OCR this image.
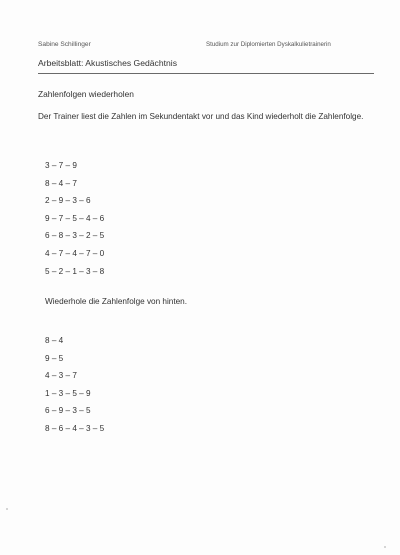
Sabine Schillinger	Studium zur Diplomierten Dyskalkulietrainerin
Arbeitsblatt: Akustisches Gedächtnis
Zahlenfolgen wiederholen
Der Trainer liest die Zahlen im Sekundentakt vor und das Kind wiederholt die Zahlenfolge.
3 – 7 – 9
8 – 4 – 7
2 – 9 – 3 – 6
9 – 7 – 5 – 4 – 6
6 – 8 – 3 – 2 – 5
4 – 7 – 4 – 7 – 0
5 – 2 – 1 – 3 – 8
Wiederhole die Zahlenfolge von hinten.
8 – 4
9 – 5
4 – 3 – 7
1 – 3 – 5 – 9
6 – 9 – 3 – 5
8 – 6 – 4 – 3 – 5
